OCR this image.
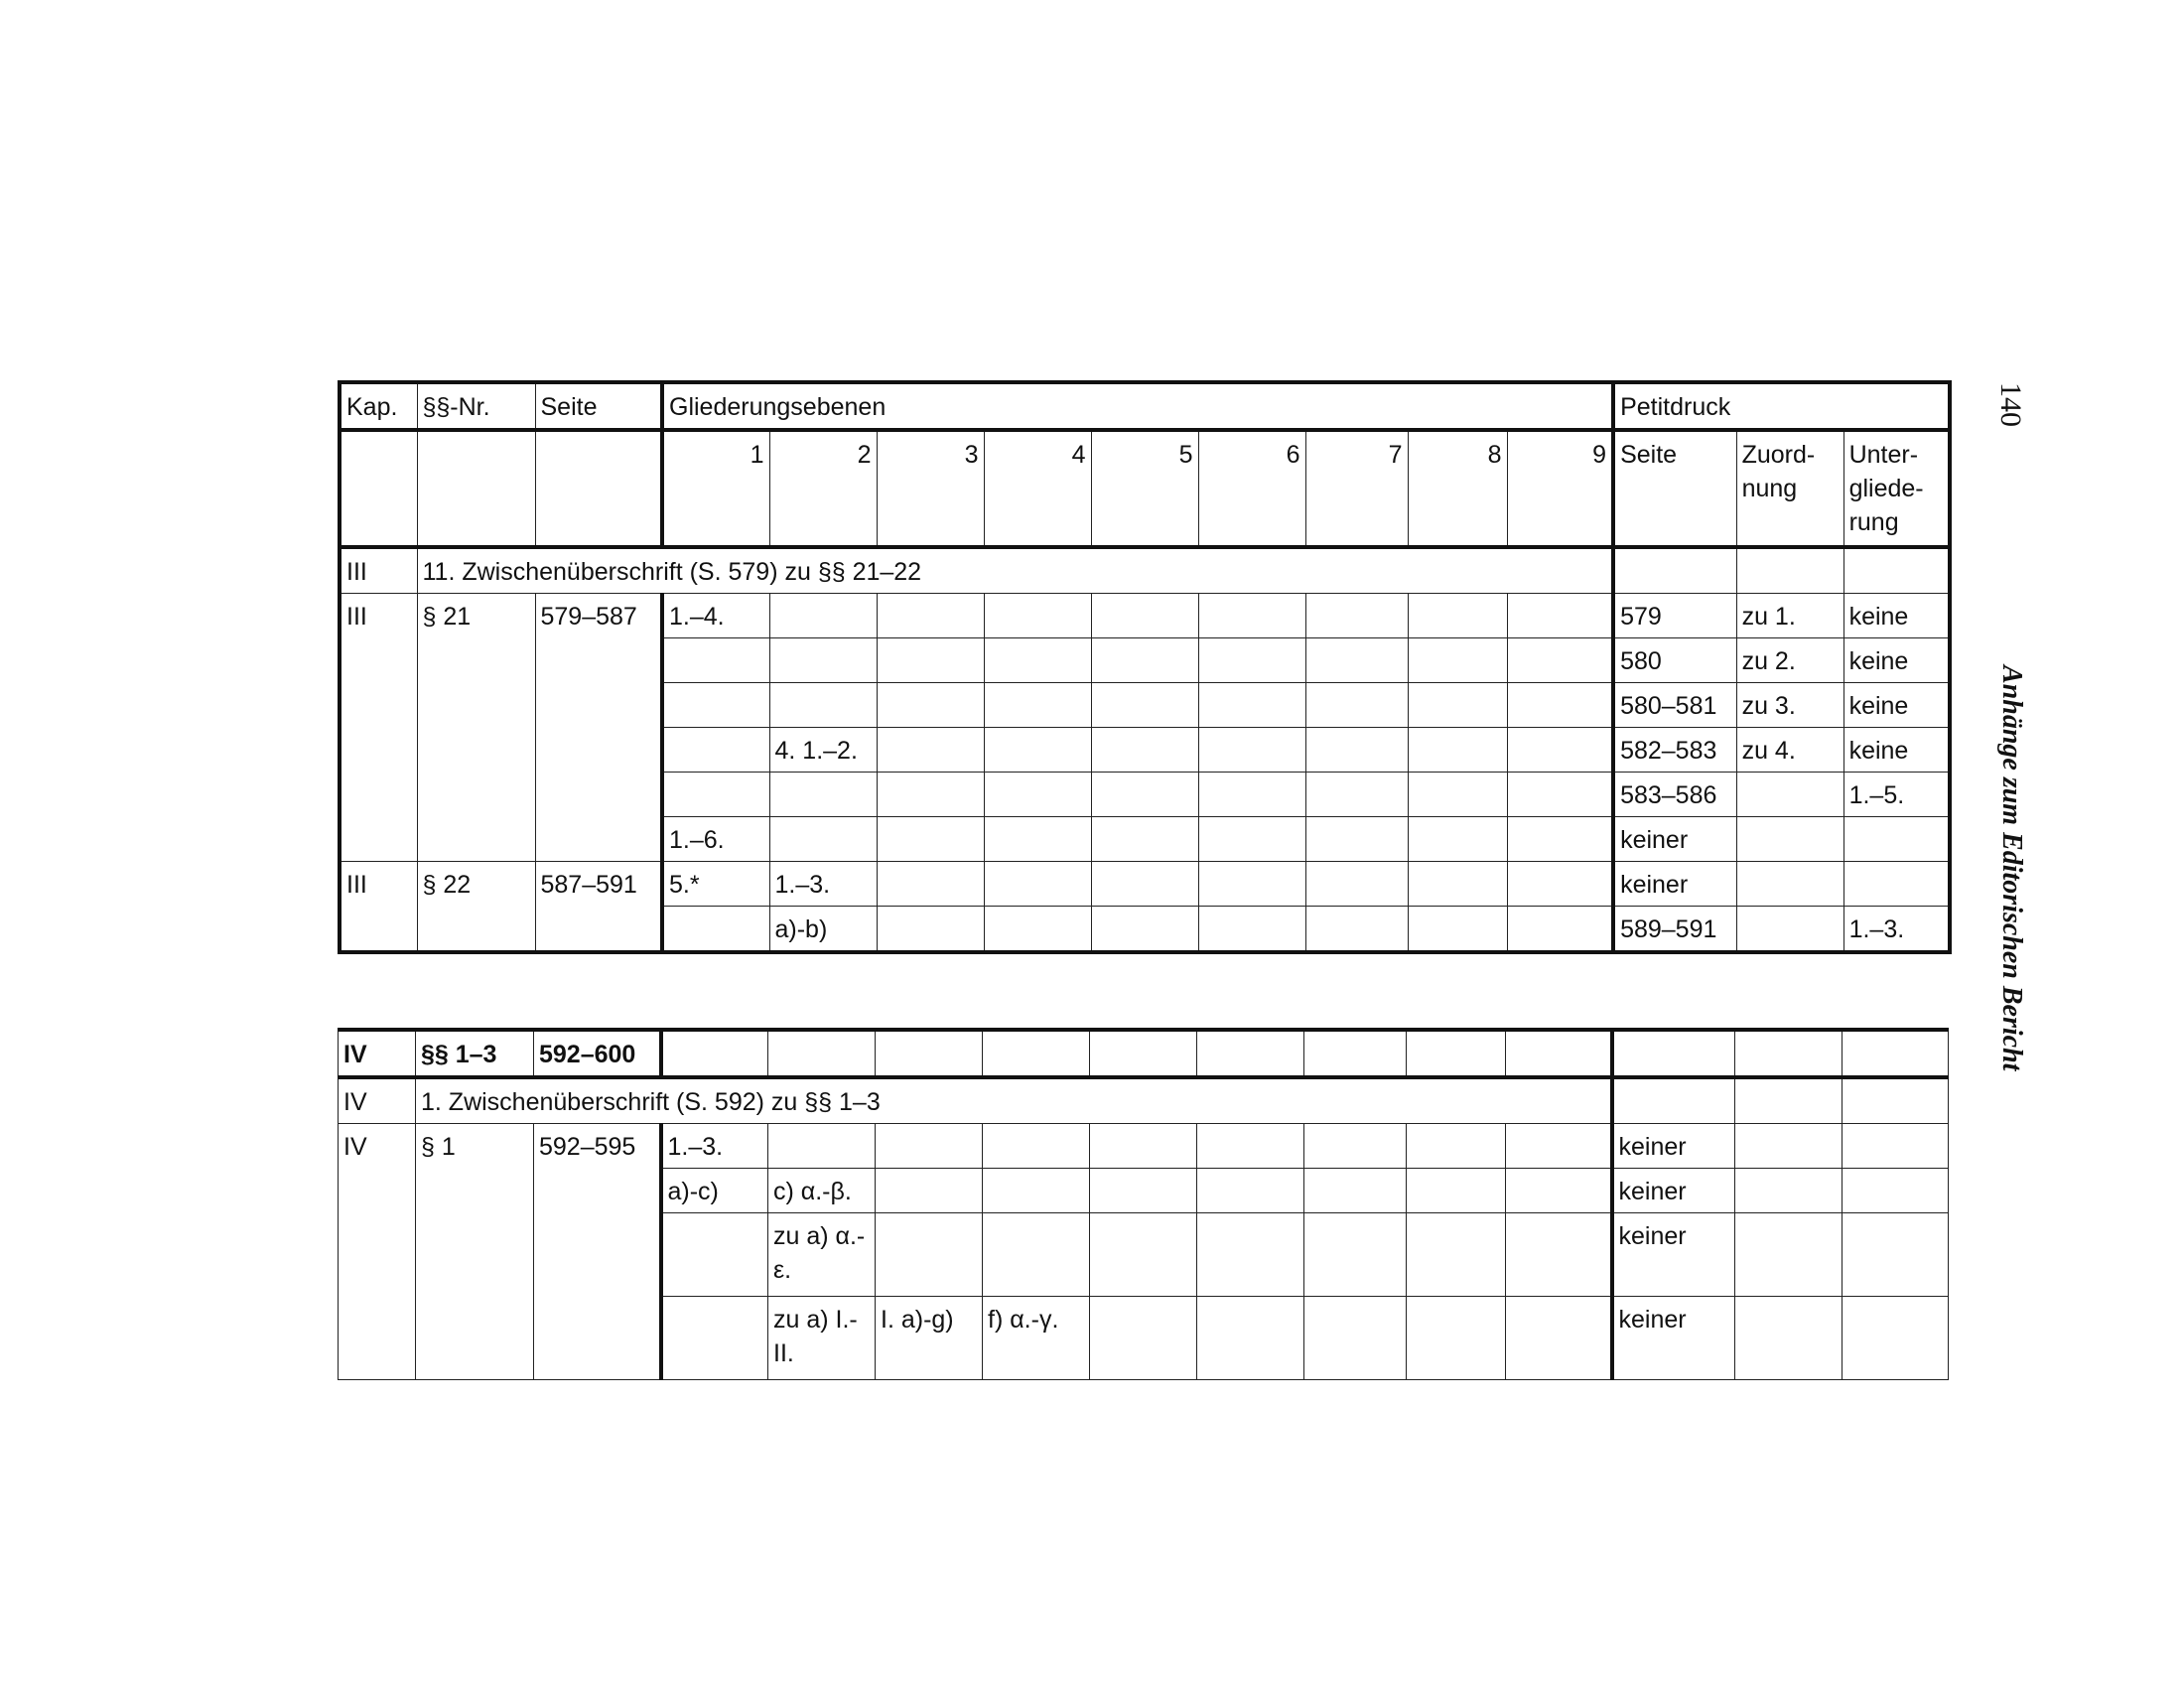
140
Anhänge zum Editorischen Bericht
Kap.	§§-Nr.	Seite	Gliederungsebenen									Petitdruck		
			1	2	3	4	5	6	7	8	9	Seite	Zuord-nung	Unter-gliede-rung

III	11. Zwischenüberschrift (S. 579) zu §§ 21–22													
III	§ 21	579–587	1.–4.									579	zu 1.	keine
												580	zu 2.	keine
												580–581	zu 3.	keine
				4. 1.–2.								582–583	zu 4.	keine
												583–586		1.–5.
			1.–6.									keiner		
III	§ 22	587–591	5.*	1.–3.								keiner		
				a)-b)								589–591		1.–3.
IV	§§ 1–3	592–600												
IV	1. Zwischenüberschrift (S. 592) zu §§ 1–3													
IV	§ 1	592–595	1.–3.									keiner		
			a)-c)	c) α.-β.								keiner		
				zu a) α.-ε.								keiner		
				zu a) I.-II.	I. a)-g)	f) α.-γ.						keiner		
